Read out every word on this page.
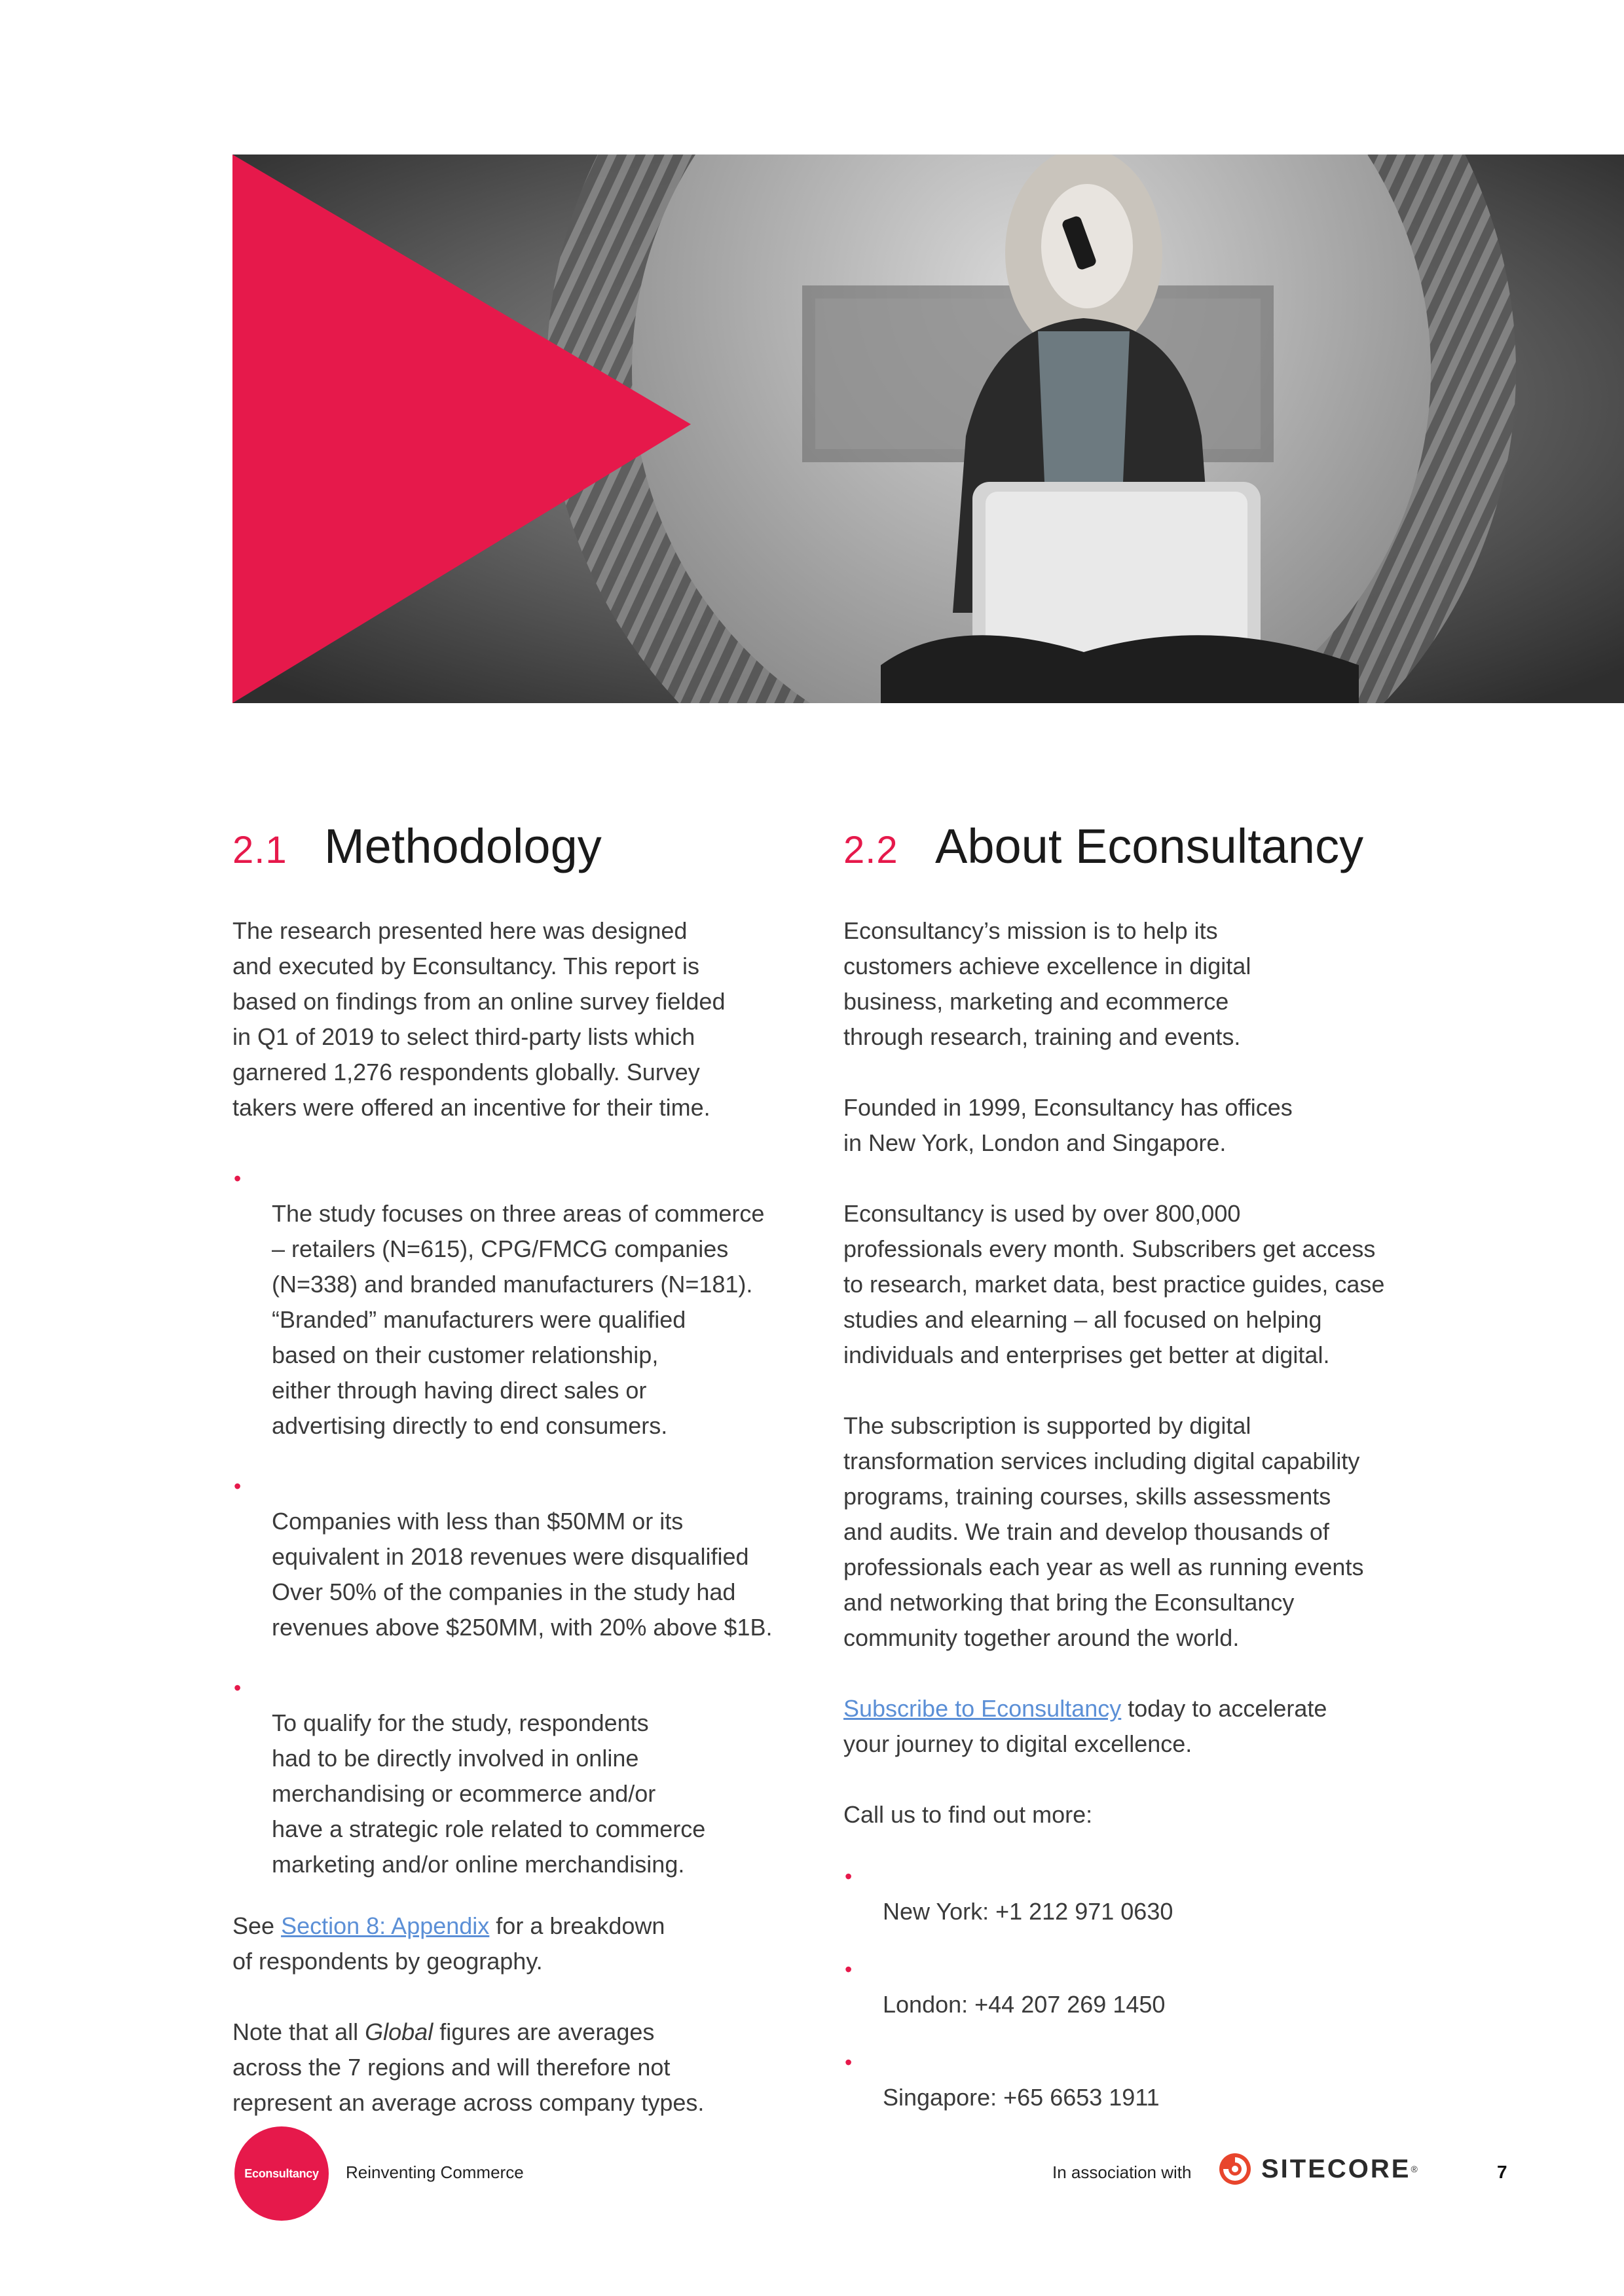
2.1 Methodology

The research presented here was designed
and executed by Econsultancy. This report is
based on findings from an online survey fielded
in Q1 of 2019 to select third-party lists which
garnered 1,276 respondents globally. Survey
takers were offered an incentive for their time.

•
The study focuses on three areas of commerce
– retailers (N=615), CPG/FMCG companies
(N=338) and branded manufacturers (N=181).
“Branded” manufacturers were qualified
based on their customer relationship,
either through having direct sales or
advertising directly to end consumers.

•
Companies with less than $50MM or its
equivalent in 2018 revenues were disqualified
Over 50% of the companies in the study had
revenues above $250MM, with 20% above $1B.

•
To qualify for the study, respondents
had to be directly involved in online
merchandising or ecommerce and/or
have a strategic role related to commerce
marketing and/or online merchandising.

See Section 8: Appendix for a breakdown
of respondents by geography.

Note that all Global figures are averages
across the 7 regions and will therefore not
represent an average across company types.

2.2 About Econsultancy

Econsultancy’s mission is to help its
customers achieve excellence in digital
business, marketing and ecommerce
through research, training and events.

Founded in 1999, Econsultancy has offices
in New York, London and Singapore.

Econsultancy is used by over 800,000
professionals every month. Subscribers get access
to research, market data, best practice guides, case
studies and elearning – all focused on helping
individuals and enterprises get better at digital.

The subscription is supported by digital
transformation services including digital capability
programs, training courses, skills assessments
and audits. We train and develop thousands of
professionals each year as well as running events
and networking that bring the Econsultancy
community together around the world.

Subscribe to Econsultancy today to accelerate
your journey to digital excellence.

Call us to find out more:

•
New York: +1 212 971 0630

•
London: +44 207 269 1450

•
Singapore: +65 6653 1911

Econsultancy Reinventing Commerce	In association with	SITECORE ®	7
